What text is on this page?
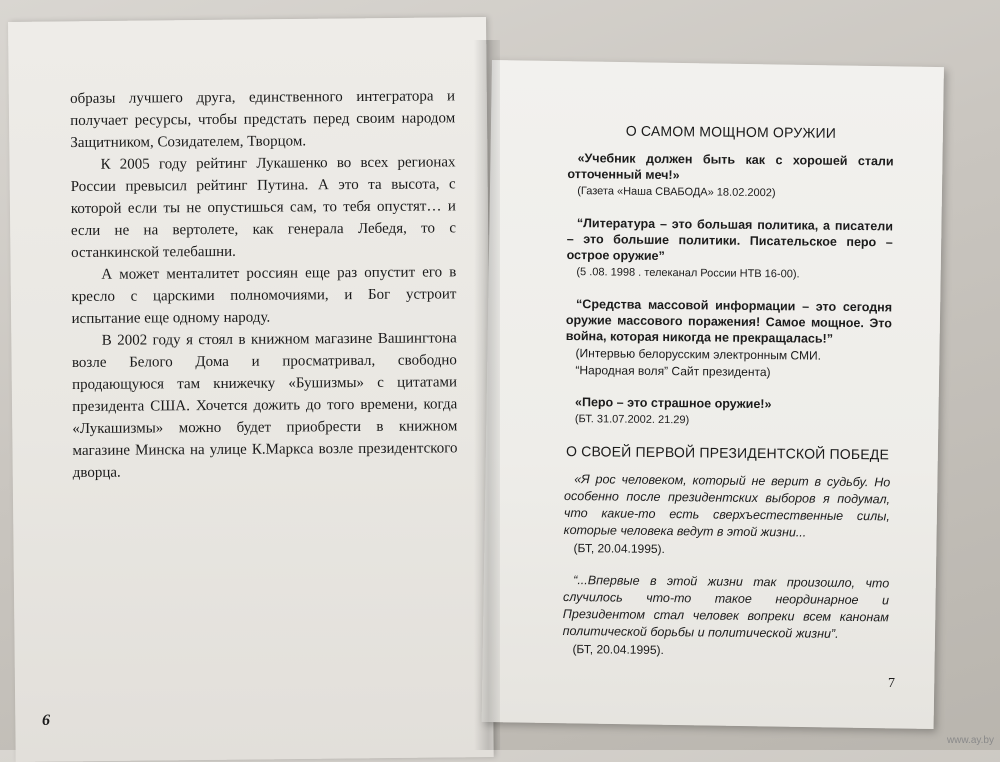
образы лучшего друга, единственного интегратора и получает ресурсы, чтобы предстать перед своим народом Защитником, Созидателем, Творцом.

К 2005 году рейтинг Лукашенко во всех регионах России превысил рейтинг Путина. А это та высота, с которой если ты не опустишься сам, то тебя опустят… и если не на вертолете, как генерала Лебедя, то с останкинской телебашни.

А может менталитет россиян еще раз опустит его в кресло с царскими полномочиями, и Бог устроит испытание еще одному народу.

В 2002 году я стоял в книжном магазине Вашингтона возле Белого Дома и просматривал, свободно продающуюся там книжечку «Бушизмы» с цитатами президента США. Хочется дожить до того времени, когда «Лукашизмы» можно будет приобрести в книжном магазине Минска на улице К.Маркса возле президентского дворца.

6
О САМОМ МОЩНОМ ОРУЖИИ

«Учебник должен быть как с хорошей стали отточенный меч!»

(Газета «Наша СВАБОДА» 18.02.2002)

“Литература – это большая политика, а писатели – это большие политики. Писательское перо – острое оружие”

(5 .08. 1998 . телеканал России НТВ 16-00).

“Средства массовой информации – это сегодня оружие массового поражения! Самое мощное. Это война, которая никогда не прекращалась!”

(Интервью белорусским электронным СМИ.
“Народная воля” Сайт президента)

«Перо – это страшное оружие!»

(БТ. 31.07.2002. 21.29)
О СВОЕЙ ПЕРВОЙ ПРЕЗИДЕНТСКОЙ ПОБЕДЕ

«Я рос человеком, который не верит в судьбу. Но особенно после президентских выборов я подумал, что какие-то есть сверхъестественные силы, которые человека ведут в этой жизни...

(БТ, 20.04.1995).

“...Впервые в этой жизни так произошло, что случилось что-то такое неординарное и Президентом стал человек вопреки всем канонам политической борьбы и политической жизни”.

(БТ, 20.04.1995).
7
www.ay.by
